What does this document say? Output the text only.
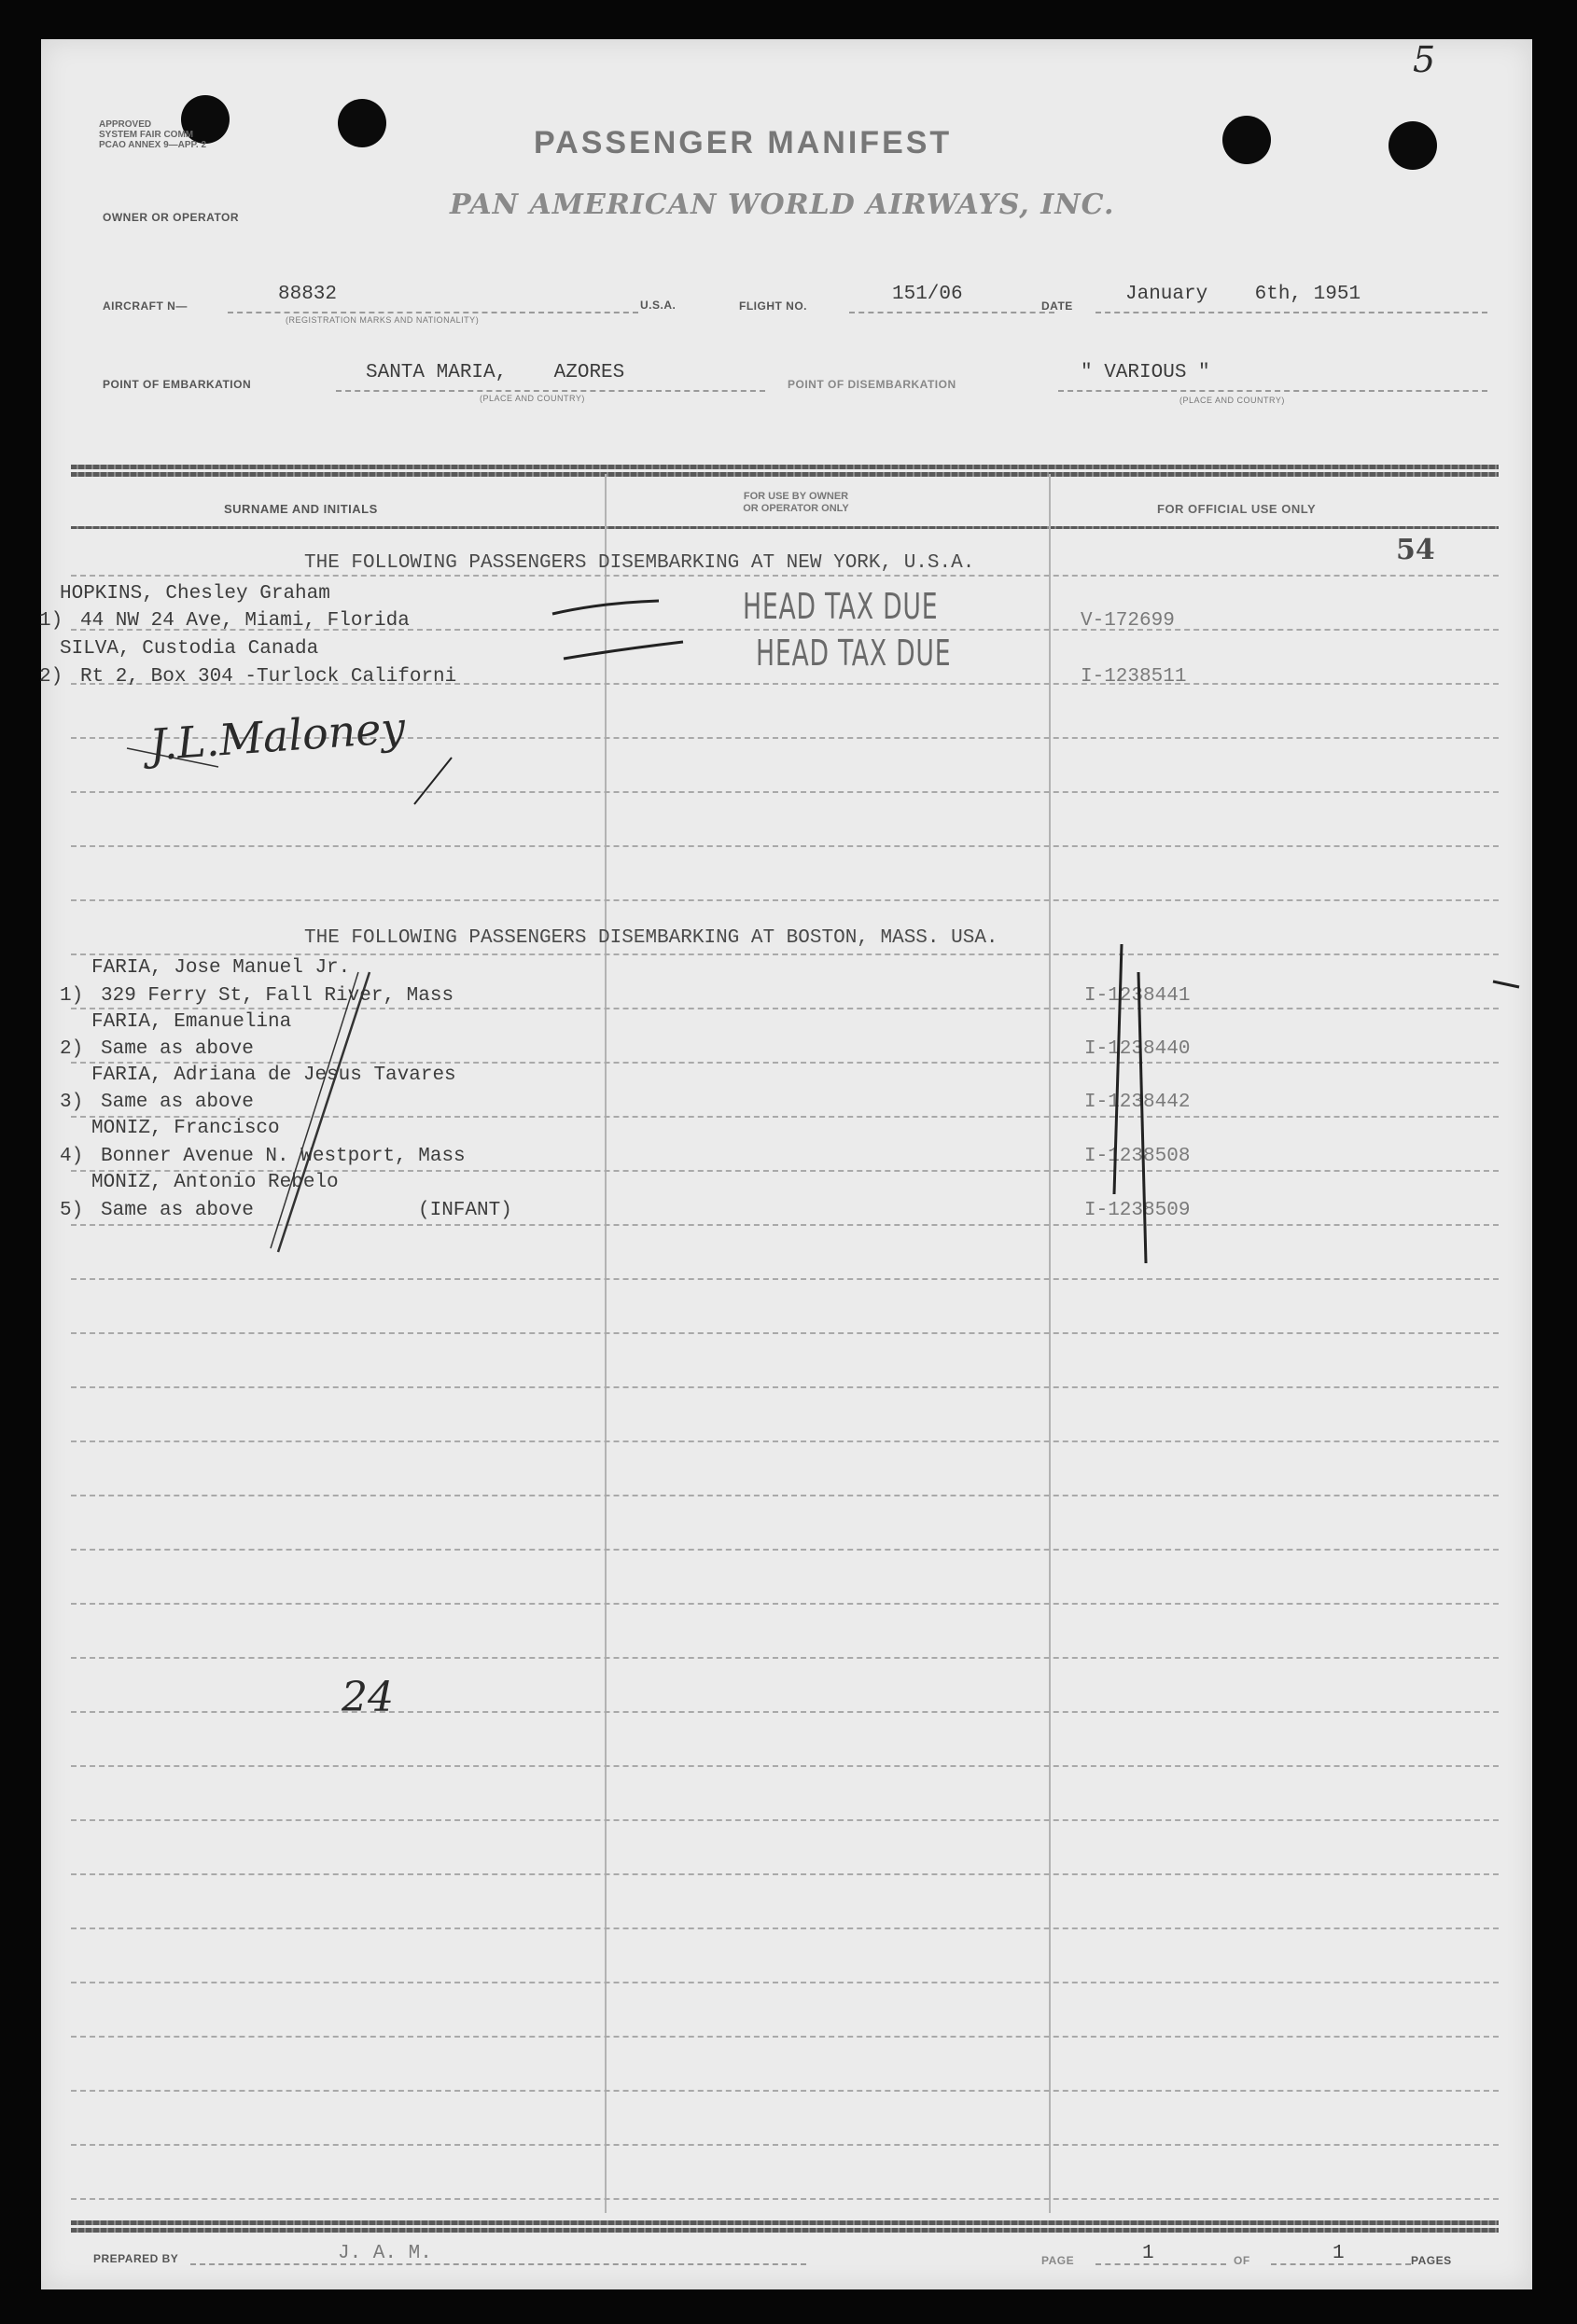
5
APPROVED
SYSTEM FAIR COMM
PCAO ANNEX 9—APP. 2	PASSENGER MANIFEST
OWNER OR OPERATOR	PAN AMERICAN WORLD AIRWAYS, INC.
AIRCRAFT N—
88832
(REGISTRATION MARKS AND NATIONALITY)
U.S.A.	FLIGHT NO.
151/06
DATE
January    6th, 1951
POINT OF EMBARKATION
SANTA MARIA,    AZORES
(PLACE AND COUNTRY)
POINT OF DISEMBARKATION
" VARIOUS "
(PLACE AND COUNTRY)
SURNAME AND INITIALS
FOR USE BY OWNER
OR OPERATOR ONLY	FOR OFFICIAL USE ONLY
54
THE FOLLOWING PASSENGERS DISEMBARKING AT NEW YORK, U.S.A.
HOPKINS, Chesley Graham
1) 44 NW 24 Ave, Miami, Florida	V-172699
SILVA, Custodia Canada
2) Rt 2, Box 304 -Turlock Californi	I-1238511
HEAD TAX DUE
HEAD TAX DUE
THE FOLLOWING PASSENGERS DISEMBARKING AT BOSTON, MASS. USA.
FARIA, Jose Manuel Jr.
1) 329 Ferry St, Fall River, Mass	I-1238441
FARIA, Emanuelina
2) Same as above	I-1238440
FARIA, Adriana de Jesus Tavares
3) Same as above	I-1238442
MONIZ, Francisco
4) Bonner Avenue N. Westport, Mass	I-1238508
MONIZ, Antonio Rebelo
5) Same as above	(INFANT)	I-1238509
J.L.Maloney
24
PREPARED BY	J. A. M.	PAGE	1	OF	1	PAGES
